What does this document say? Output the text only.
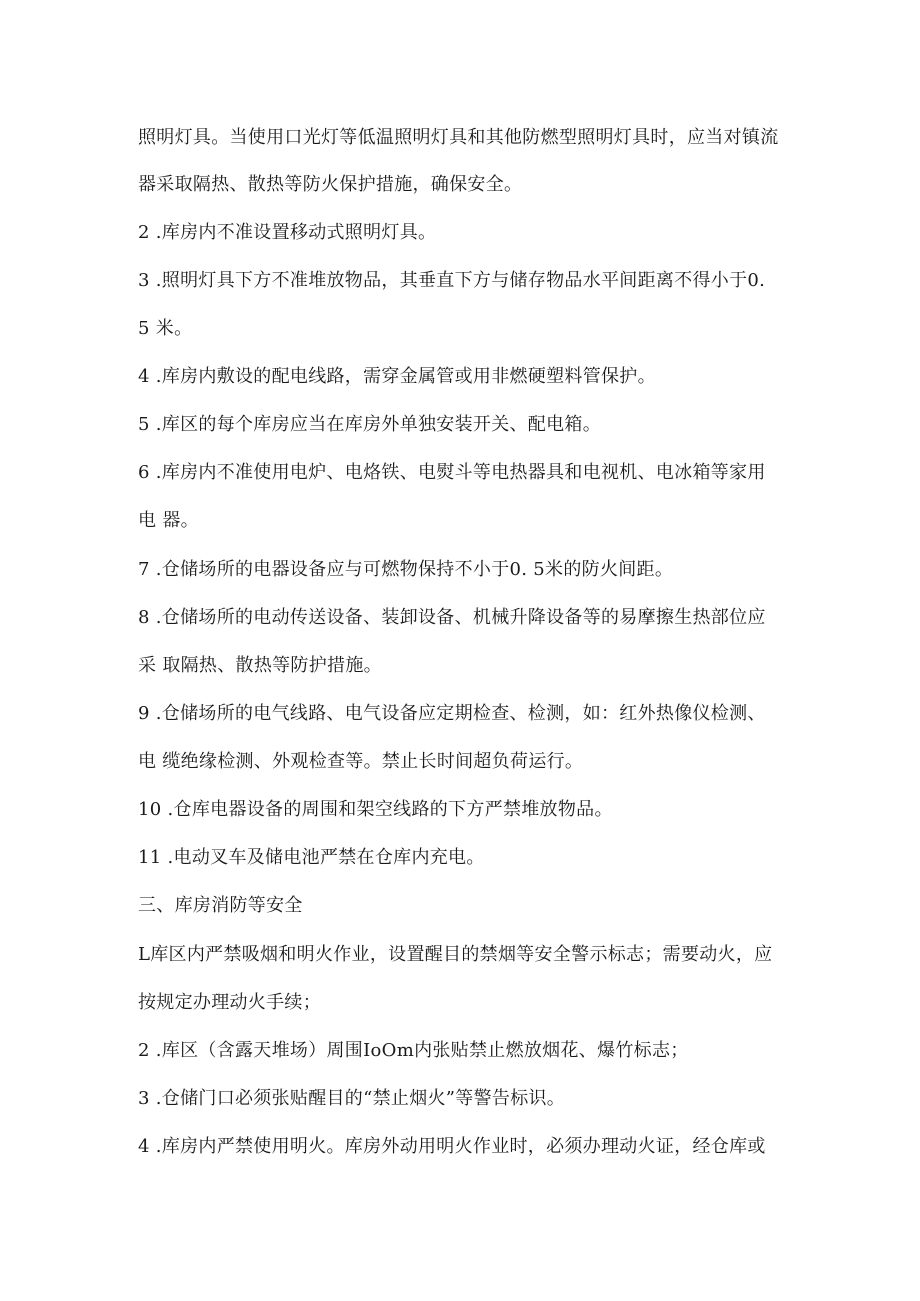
照明灯具。当使用口光灯等低温照明灯具和其他防燃型照明灯具时，应当对镇流
器采取隔热、散热等防火保护措施，确保安全。
2 .库房内不准设置移动式照明灯具。
3 .照明灯具下方不准堆放物品，其垂直下方与储存物品水平间距离不得小于0.
5 米。
4 .库房内敷设的配电线路，需穿金属管或用非燃硬塑料管保护。
5 .库区的每个库房应当在库房外单独安装开关、配电箱。
6 .库房内不准使用电炉、电烙铁、电熨斗等电热器具和电视机、电冰箱等家用
电 器。
7 .仓储场所的电器设备应与可燃物保持不小于0. 5米的防火间距。
8 .仓储场所的电动传送设备、装卸设备、机械升降设备等的易摩擦生热部位应
采 取隔热、散热等防护措施。
9 .仓储场所的电气线路、电气设备应定期检查、检测，如：红外热像仪检测、
电 缆绝缘检测、外观检查等。禁止长时间超负荷运行。
10 .仓库电器设备的周围和架空线路的下方严禁堆放物品。
11 .电动叉车及储电池严禁在仓库内充电。
三、库房消防等安全
L库区内严禁吸烟和明火作业，设置醒目的禁烟等安全警示标志；需要动火，应
按规定办理动火手续；
2 .库区（含露天堆场）周围IoOm内张贴禁止燃放烟花、爆竹标志；
3 .仓储门口必须张贴醒目的“禁止烟火”等警告标识。
4 .库房内严禁使用明火。库房外动用明火作业时，必须办理动火证，经仓库或
